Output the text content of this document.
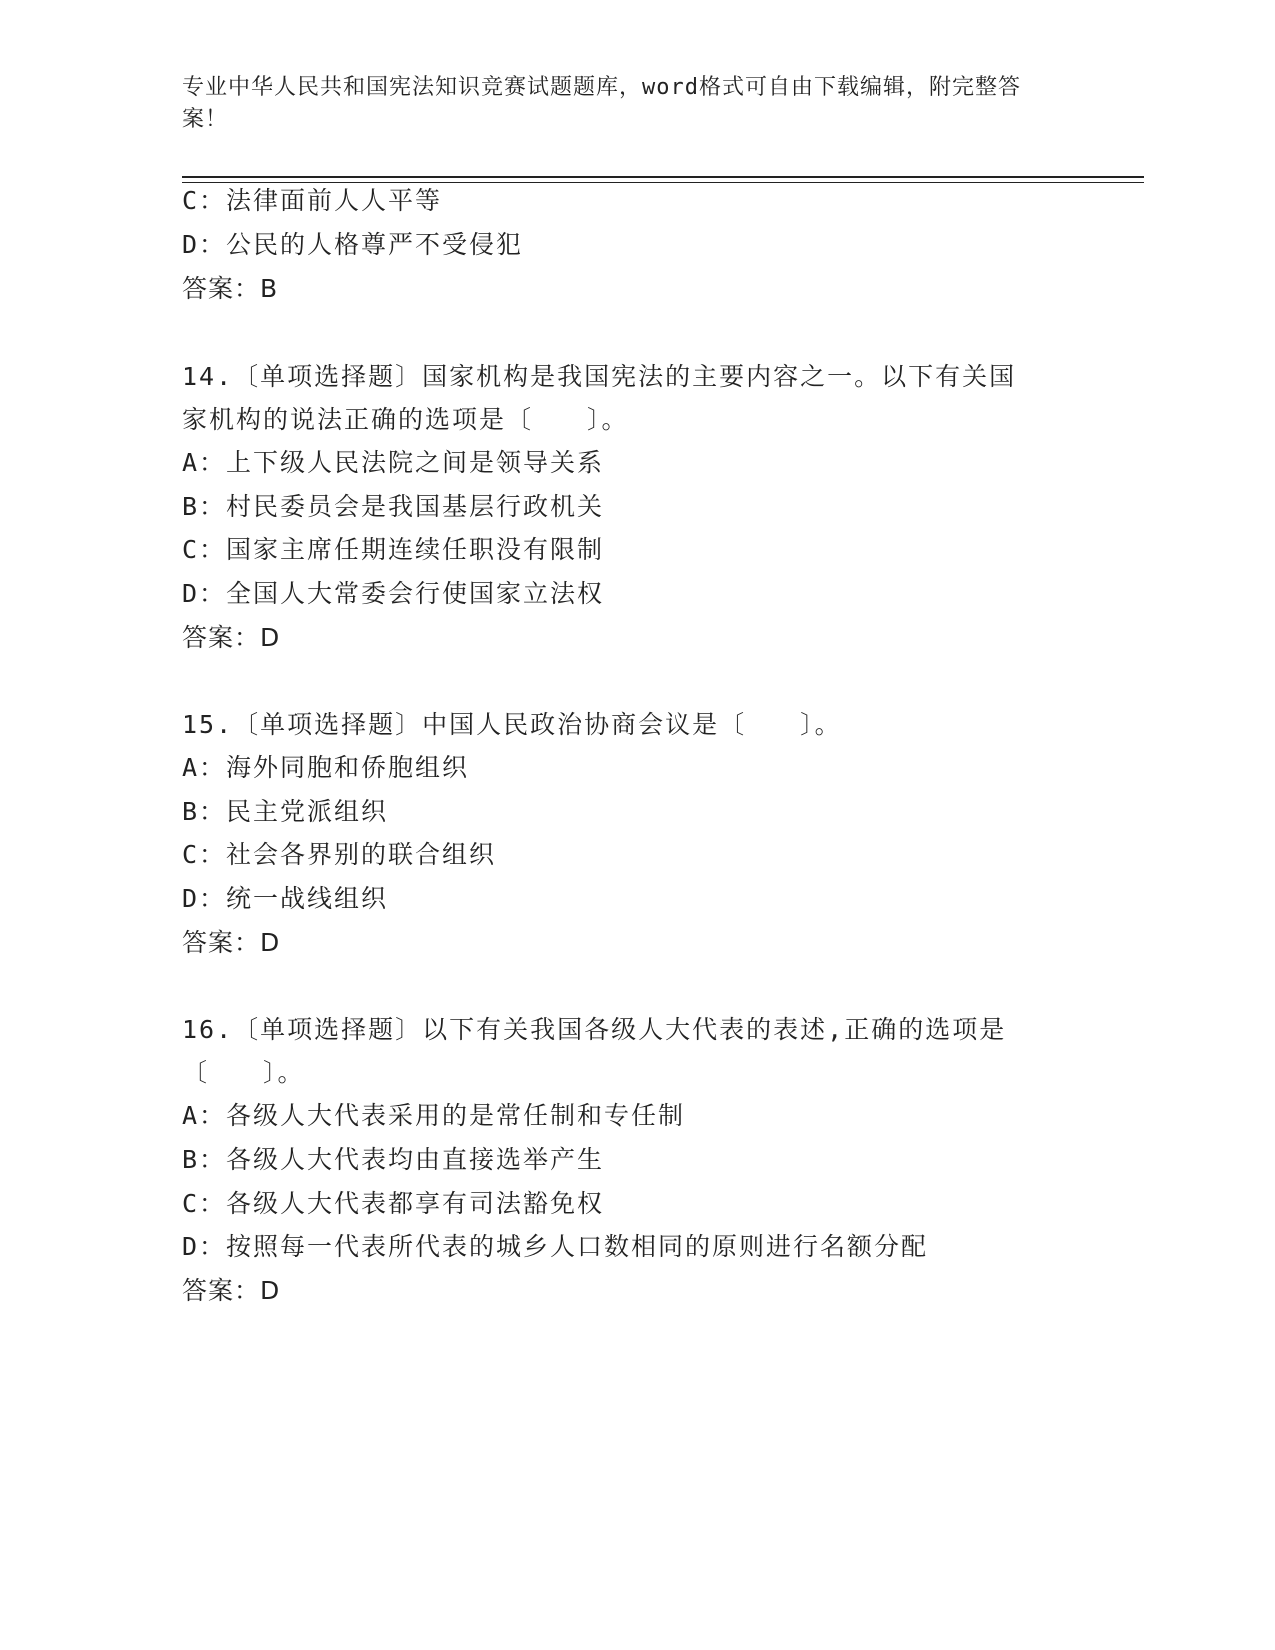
专业中华人民共和国宪法知识竞赛试题题库，word格式可自由下载编辑，附完整答案！
C：法律面前人人平等
D：公民的人格尊严不受侵犯
答案：B
14.〔单项选择题〕国家机构是我国宪法的主要内容之一。以下有关国
家机构的说法正确的选项是〔　　〕。
A：上下级人民法院之间是领导关系
B：村民委员会是我国基层行政机关
C：国家主席任期连续任职没有限制
D：全国人大常委会行使国家立法权
答案：D
15.〔单项选择题〕中国人民政治协商会议是〔　　〕。
A：海外同胞和侨胞组织
B：民主党派组织
C：社会各界别的联合组织
D：统一战线组织
答案：D
16.〔单项选择题〕以下有关我国各级人大代表的表述,正确的选项是
〔　　〕。
A：各级人大代表采用的是常任制和专任制
B：各级人大代表均由直接选举产生
C：各级人大代表都享有司法豁免权
D：按照每一代表所代表的城乡人口数相同的原则进行名额分配
答案：D
